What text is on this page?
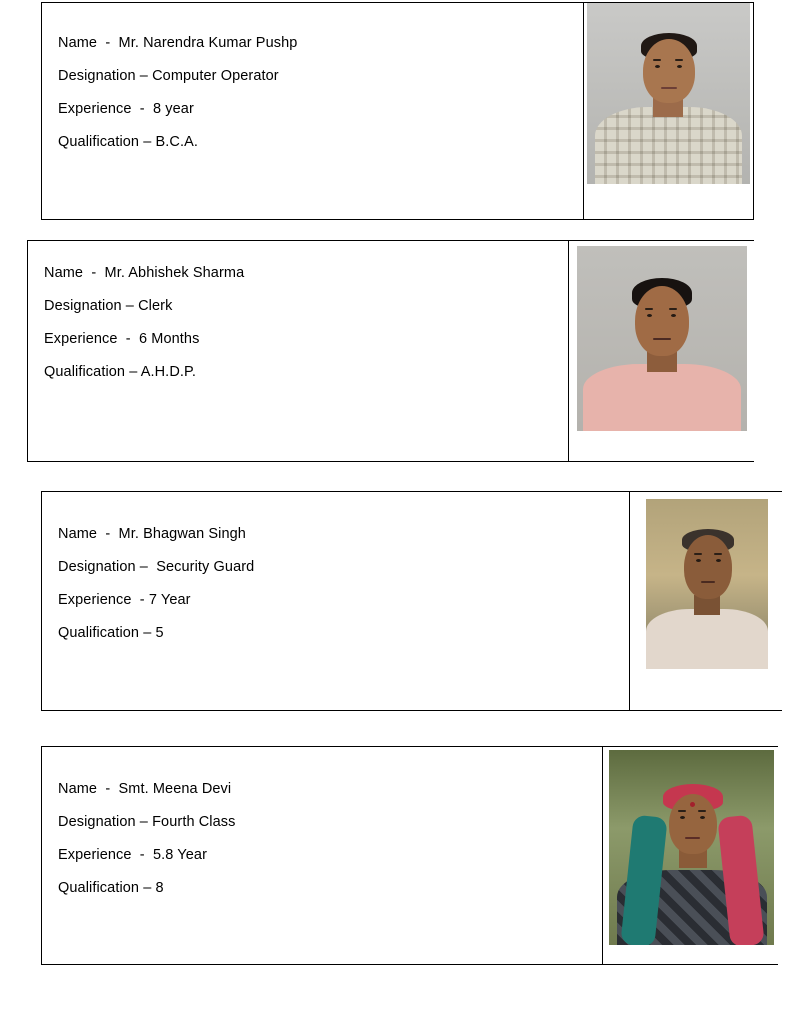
Name  -  Mr. Narendra Kumar Pushp
Designation – Computer Operator
Experience  -  8 year
Qualification – B.C.A.
Name  -  Mr. Abhishek Sharma
Designation – Clerk
Experience  -  6 Months
Qualification – A.H.D.P.
Name  -  Mr. Bhagwan Singh
Designation –  Security Guard
Experience  - 7 Year
Qualification – 5
Name  -  Smt. Meena Devi
Designation – Fourth Class
Experience  -  5.8 Year
Qualification – 8
